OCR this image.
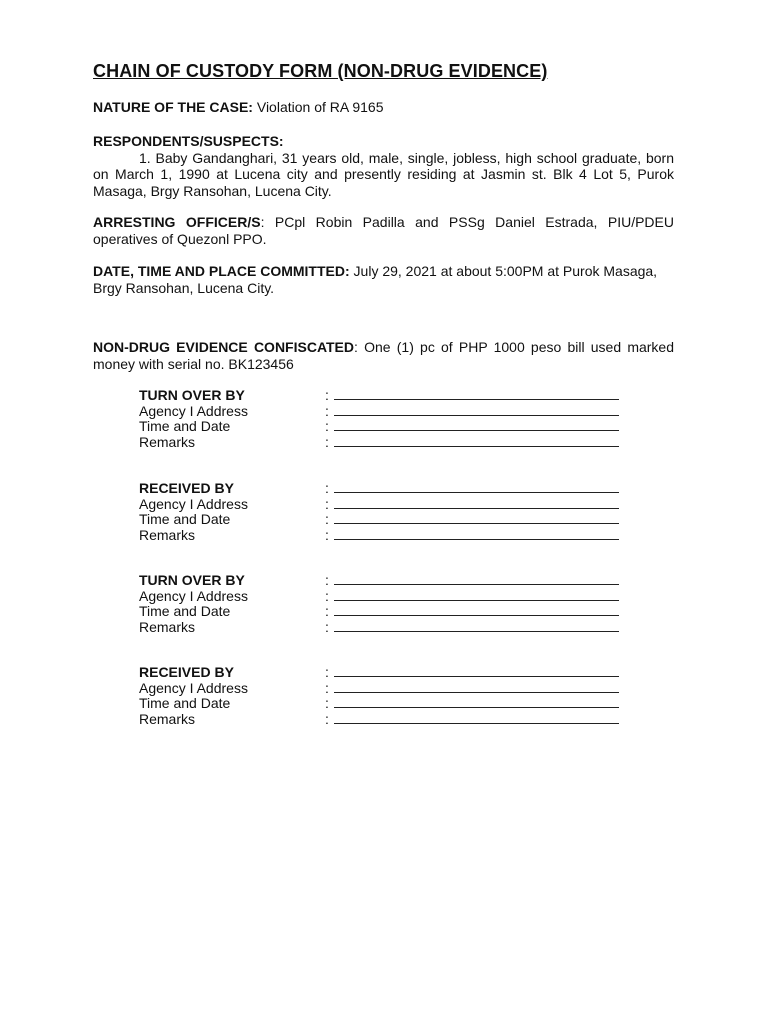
CHAIN OF CUSTODY FORM (NON-DRUG EVIDENCE)
NATURE OF THE CASE: Violation of RA 9165
RESPONDENTS/SUSPECTS:
1. Baby Gandanghari, 31 years old, male, single, jobless, high school graduate, born on March 1, 1990 at Lucena city and presently residing at Jasmin st. Blk 4 Lot 5, Purok Masaga, Brgy Ransohan, Lucena City.
ARRESTING OFFICER/S: PCpl Robin Padilla and PSSg Daniel Estrada, PIU/PDEU operatives of Quezonl PPO.
DATE, TIME AND PLACE COMMITTED: July 29, 2021 at about 5:00PM at Purok Masaga, Brgy Ransohan, Lucena City.
NON-DRUG EVIDENCE CONFISCATED: One (1) pc of PHP 1000 peso bill used marked money with serial no. BK123456
TURN OVER BY	:
Agency I Address	:
Time and Date	:
Remarks	:
RECEIVED BY	:
Agency I Address	:
Time and Date	:
Remarks	:
TURN OVER BY	:
Agency I Address	:
Time and Date	:
Remarks	:
RECEIVED BY	:
Agency I Address	:
Time and Date	:
Remarks	:
